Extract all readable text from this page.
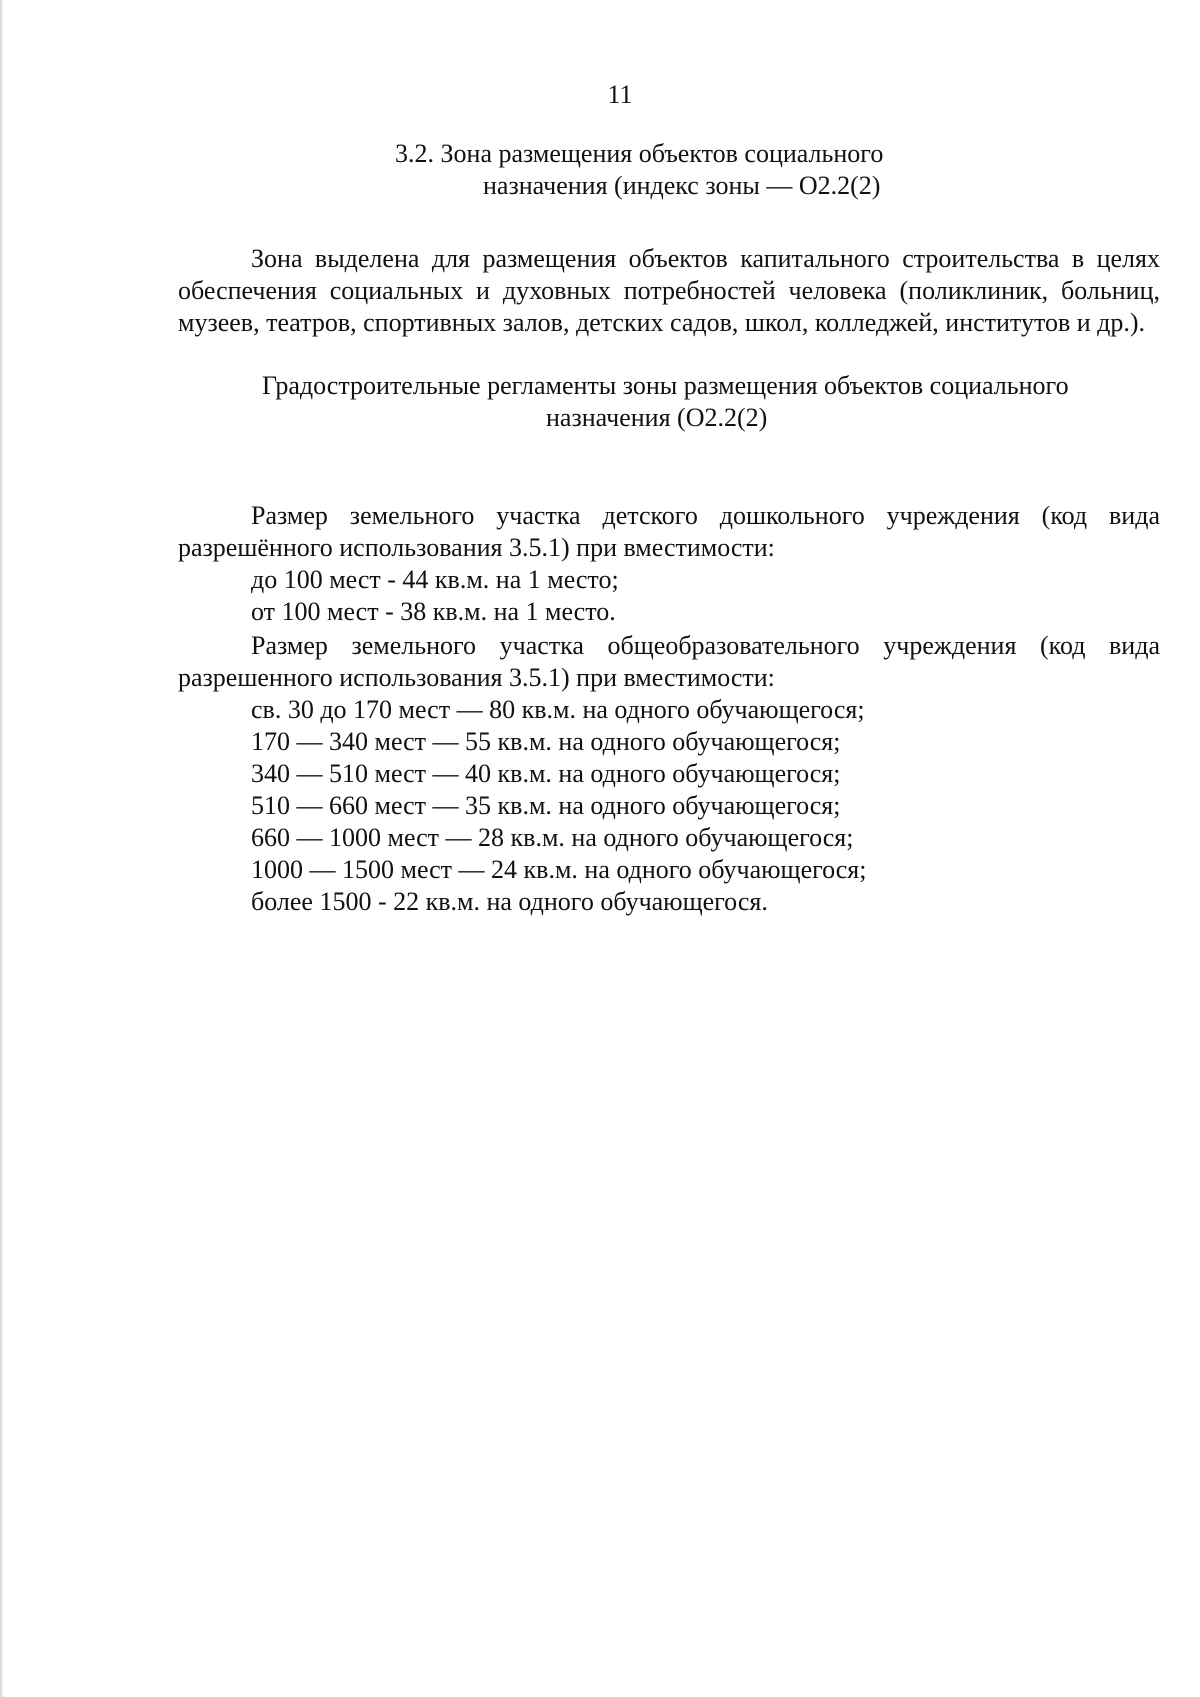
11
3.2. Зона размещения объектов социального
назначения (индекс зоны — О2.2(2)

Зона выделена для размещения объектов капитального строительства в целях обеспечения социальных и духовных потребностей человека (поликлиник, больниц, музеев, театров, спортивных залов, детских садов, школ, колледжей, институтов и др.).

Градостроительные регламенты зоны размещения объектов социального
назначения (О2.2(2)

Размер земельного участка детского дошкольного учреждения (код вида разрешённого использования 3.5.1) при вместимости:

до 100 мест - 44 кв.м. на 1 место;
от 100 мест - 38 кв.м. на 1 место.

Размер земельного участка общеобразовательного учреждения (код вида разрешенного использования 3.5.1) при вместимости:

св. 30 до 170 мест — 80 кв.м. на одного обучающегося;
170 — 340 мест — 55 кв.м. на одного обучающегося;
340 — 510 мест — 40 кв.м. на одного обучающегося;
510 — 660 мест — 35 кв.м. на одного обучающегося;
660 — 1000 мест — 28 кв.м. на одного обучающегося;
1000 — 1500 мест — 24 кв.м. на одного обучающегося;
более 1500 - 22 кв.м. на одного обучающегося.
